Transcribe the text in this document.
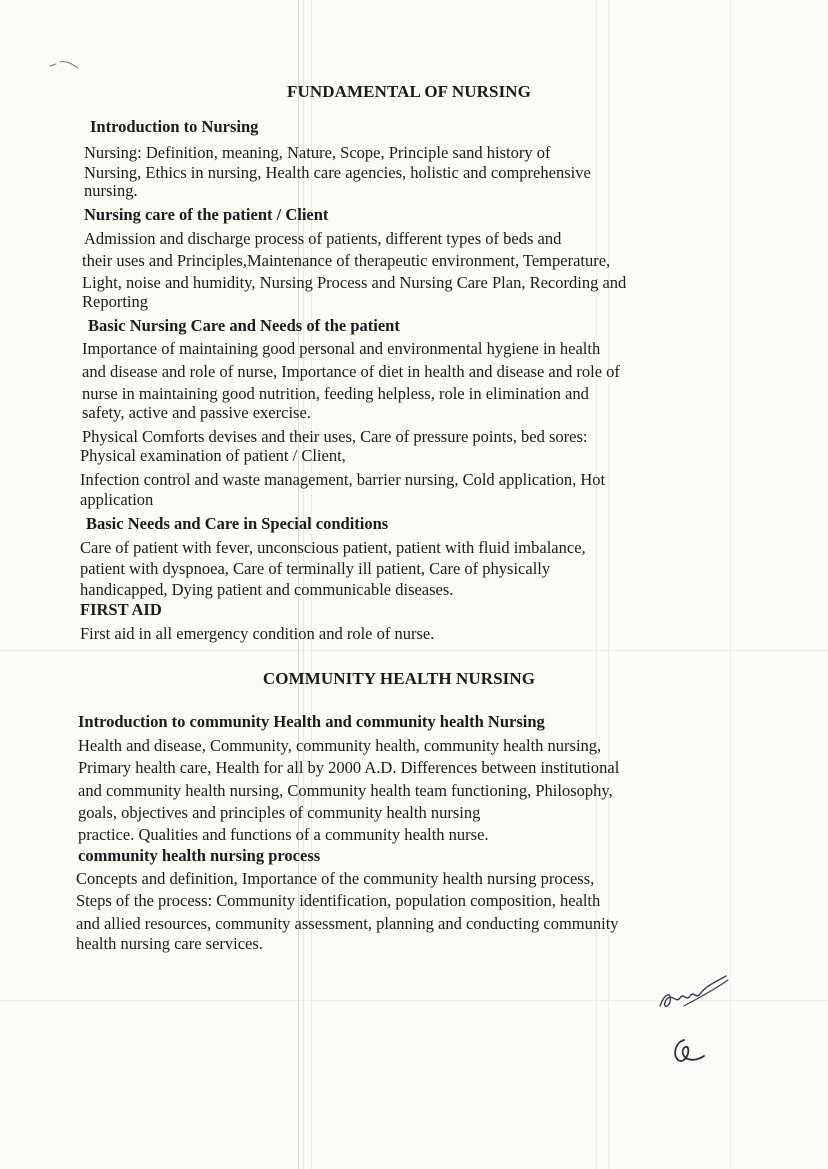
FUNDAMENTAL OF NURSING
Introduction to Nursing
Nursing: Definition, meaning, Nature, Scope, Principle sand history of
Nursing, Ethics in nursing, Health care agencies, holistic and comprehensive
nursing.
Nursing care of the patient / Client
Admission and discharge process of patients, different types of beds and
their uses and Principles,Maintenance of therapeutic environment, Temperature,
Light, noise and humidity, Nursing Process and Nursing Care Plan, Recording and
Reporting
Basic Nursing Care and Needs of the patient
Importance of maintaining good personal and environmental hygiene in health
and disease and role of nurse, Importance of diet in health and disease and role of
nurse in maintaining good nutrition, feeding helpless, role in elimination and
safety, active and passive exercise.
Physical Comforts devises and their uses, Care of pressure points, bed sores:
Physical examination of patient / Client,
Infection control and waste management, barrier nursing, Cold application, Hot
application
Basic Needs and Care in Special conditions
Care of patient with fever, unconscious patient, patient with fluid imbalance,
patient with dyspnoea, Care of terminally ill patient, Care of physically
handicapped, Dying patient and communicable diseases.
FIRST AID
First aid in all emergency condition and role of nurse.
COMMUNITY HEALTH NURSING
Introduction to community Health and community health Nursing
Health and disease, Community, community health, community health nursing,
Primary health care, Health for all by 2000 A.D. Differences between institutional
and community health nursing, Community health team functioning, Philosophy,
goals, objectives and principles of community health nursing
practice. Qualities and functions of a community health nurse.
community health nursing process
Concepts and definition, Importance of the community health nursing process,
Steps of the process: Community identification, population composition, health
and allied resources, community assessment, planning and conducting community
health nursing care services.
